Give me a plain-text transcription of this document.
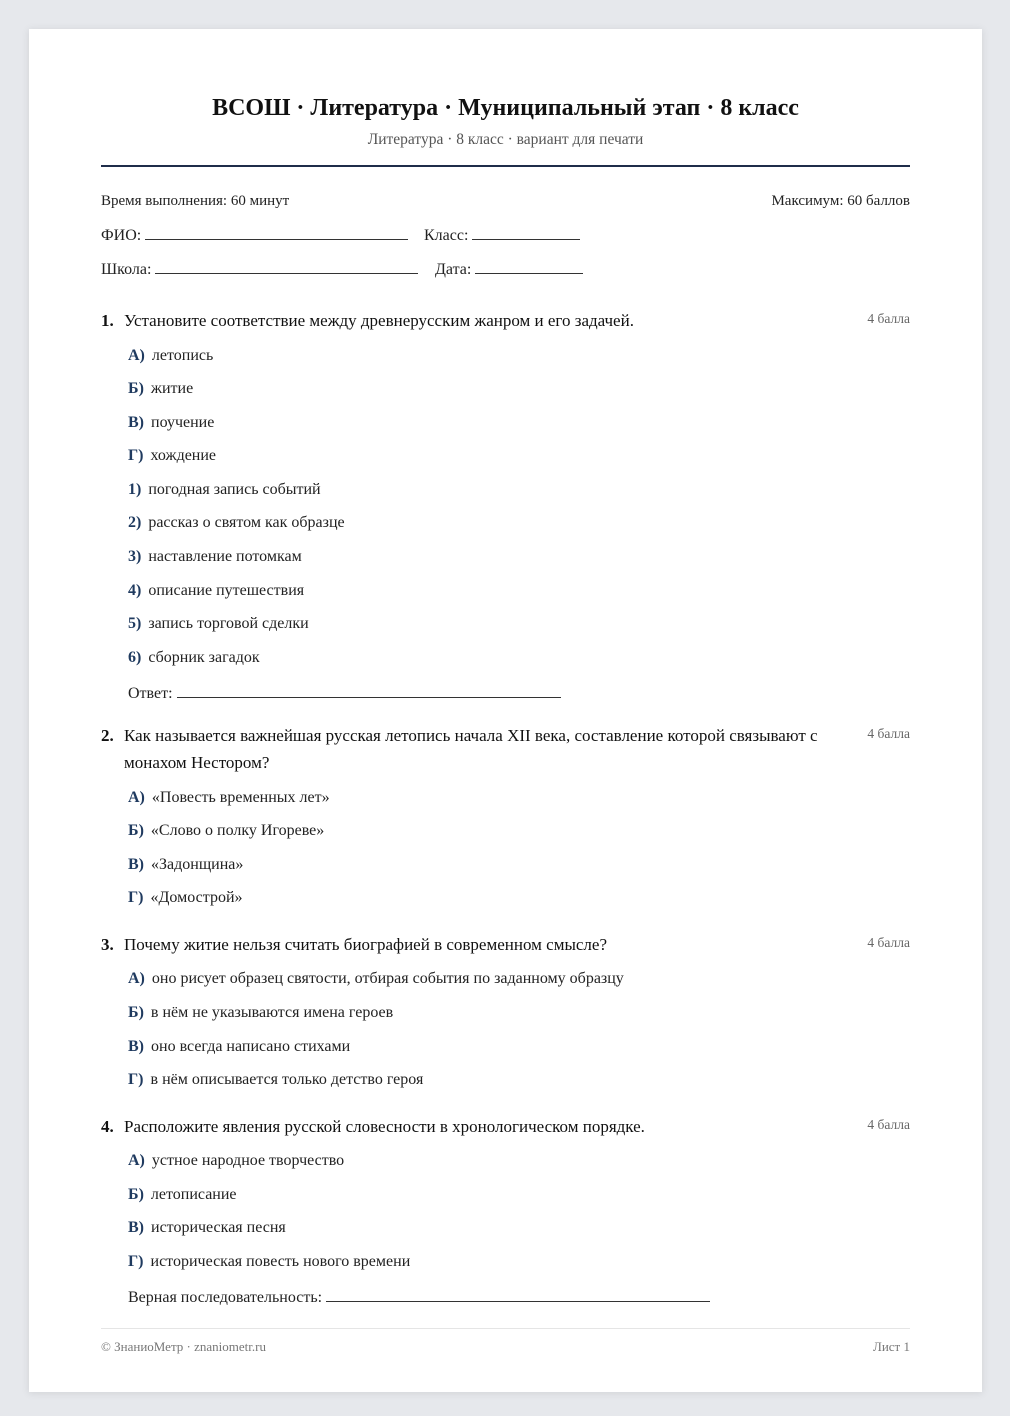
ВСОШ · Литература · Муниципальный этап · 8 класс
Литература · 8 класс · вариант для печати
Время выполнения: 60 минут	Максимум: 60 баллов
ФИО:	Класс:
Школа:	Дата:
1. Установите соответствие между древнерусским жанром и его задачей.	4 балла
А) летопись
Б) житие
В) поучение
Г) хождение
1) погодная запись событий
2) рассказ о святом как образце
3) наставление потомкам
4) описание путешествия
5) запись торговой сделки
6) сборник загадок
Ответ:
2. Как называется важнейшая русская летопись начала XII века, составление которой связывают с монахом Нестором?
4 балла
А) «Повесть временных лет»
Б) «Слово о полку Игореве»
В) «Задонщина»
Г) «Домострой»
3. Почему житие нельзя считать биографией в современном смысле?	4 балла
А) оно рисует образец святости, отбирая события по заданному образцу
Б) в нём не указываются имена героев
В) оно всегда написано стихами
Г) в нём описывается только детство героя
4. Расположите явления русской словесности в хронологическом порядке.	4 балла
А) устное народное творчество
Б) летописание
В) историческая песня
Г) историческая повесть нового времени
Верная последовательность:
© ЗнаниоМетр · znaniometr.ru	Лист 1
